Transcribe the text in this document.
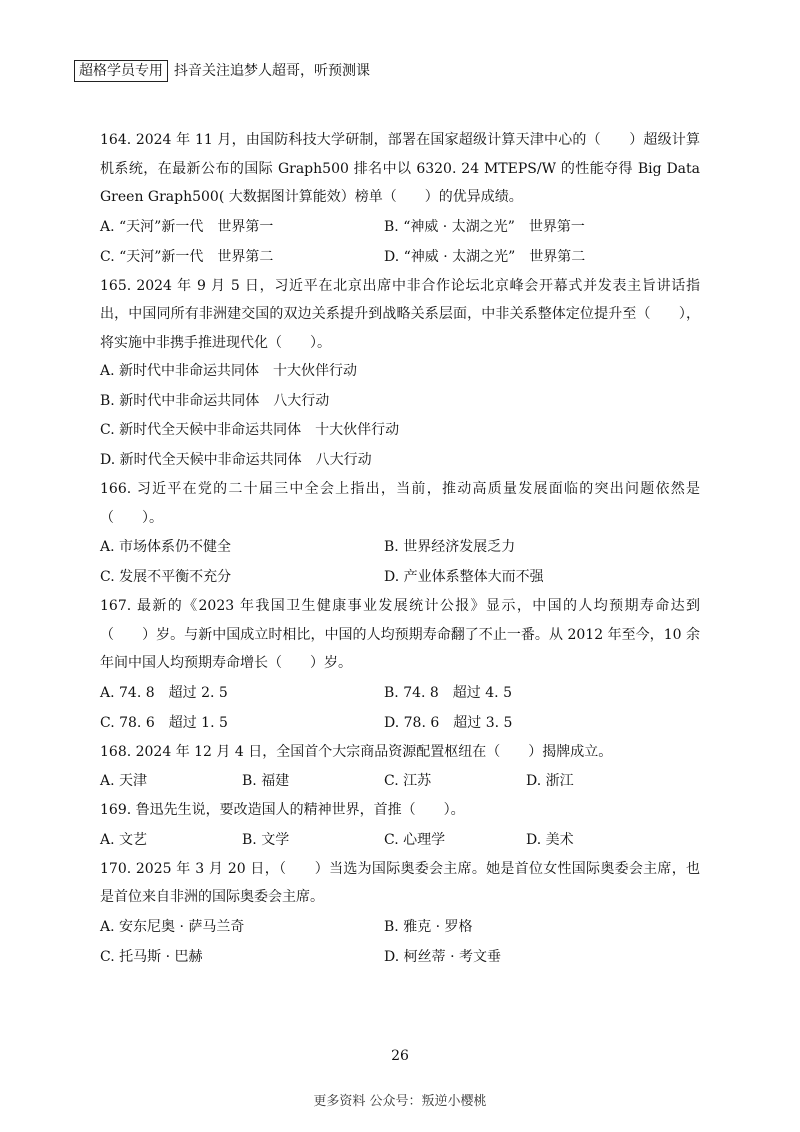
超格学员专用 抖音关注追梦人超哥，听预测课

164. 2024 年 11 月，由国防科技大学研制，部署在国家超级计算天津中心的（　　）超级计算机系统，在最新公布的国际 Graph500 排名中以 6320. 24 MTEPS/W 的性能夺得 Big Data Green Graph500( 大数据图计算能效）榜单（　　）的优异成绩。

A. “天河”新一代　世界第一	B. “神威 · 太湖之光”　世界第一
C. “天河”新一代　世界第二	D. “神威 · 太湖之光”　世界第二

165. 2024 年 9 月 5 日，习近平在北京出席中非合作论坛北京峰会开幕式并发表主旨讲话指出，中国同所有非洲建交国的双边关系提升到战略关系层面，中非关系整体定位提升至（　　），将实施中非携手推进现代化（　　）。

A. 新时代中非命运共同体　十大伙伴行动
B. 新时代中非命运共同体　八大行动
C. 新时代全天候中非命运共同体　十大伙伴行动
D. 新时代全天候中非命运共同体　八大行动

166. 习近平在党的二十届三中全会上指出，当前，推动高质量发展面临的突出问题依然是（　　）。

A. 市场体系仍不健全	B. 世界经济发展乏力
C. 发展不平衡不充分	D. 产业体系整体大而不强

167. 最新的《2023 年我国卫生健康事业发展统计公报》显示，中国的人均预期寿命达到（　　）岁。与新中国成立时相比，中国的人均预期寿命翻了不止一番。从 2012 年至今，10 余年间中国人均预期寿命增长（　　）岁。

A. 74. 8　超过 2. 5	B. 74. 8　超过 4. 5
C. 78. 6　超过 1. 5	D. 78. 6　超过 3. 5

168. 2024 年 12 月 4 日，全国首个大宗商品资源配置枢纽在（　　）揭牌成立。

A. 天津	B. 福建	C. 江苏	D. 浙江

169. 鲁迅先生说，要改造国人的精神世界，首推（　　）。

A. 文艺	B. 文学	C. 心理学	D. 美术

170. 2025 年 3 月 20 日，（　　）当选为国际奥委会主席。她是首位女性国际奥委会主席，也是首位来自非洲的国际奥委会主席。

A. 安东尼奥 · 萨马兰奇	B. 雅克 · 罗格
C. 托马斯 · 巴赫	D. 柯丝蒂 · 考文垂
26
更多资料 公众号：叛逆小樱桃
